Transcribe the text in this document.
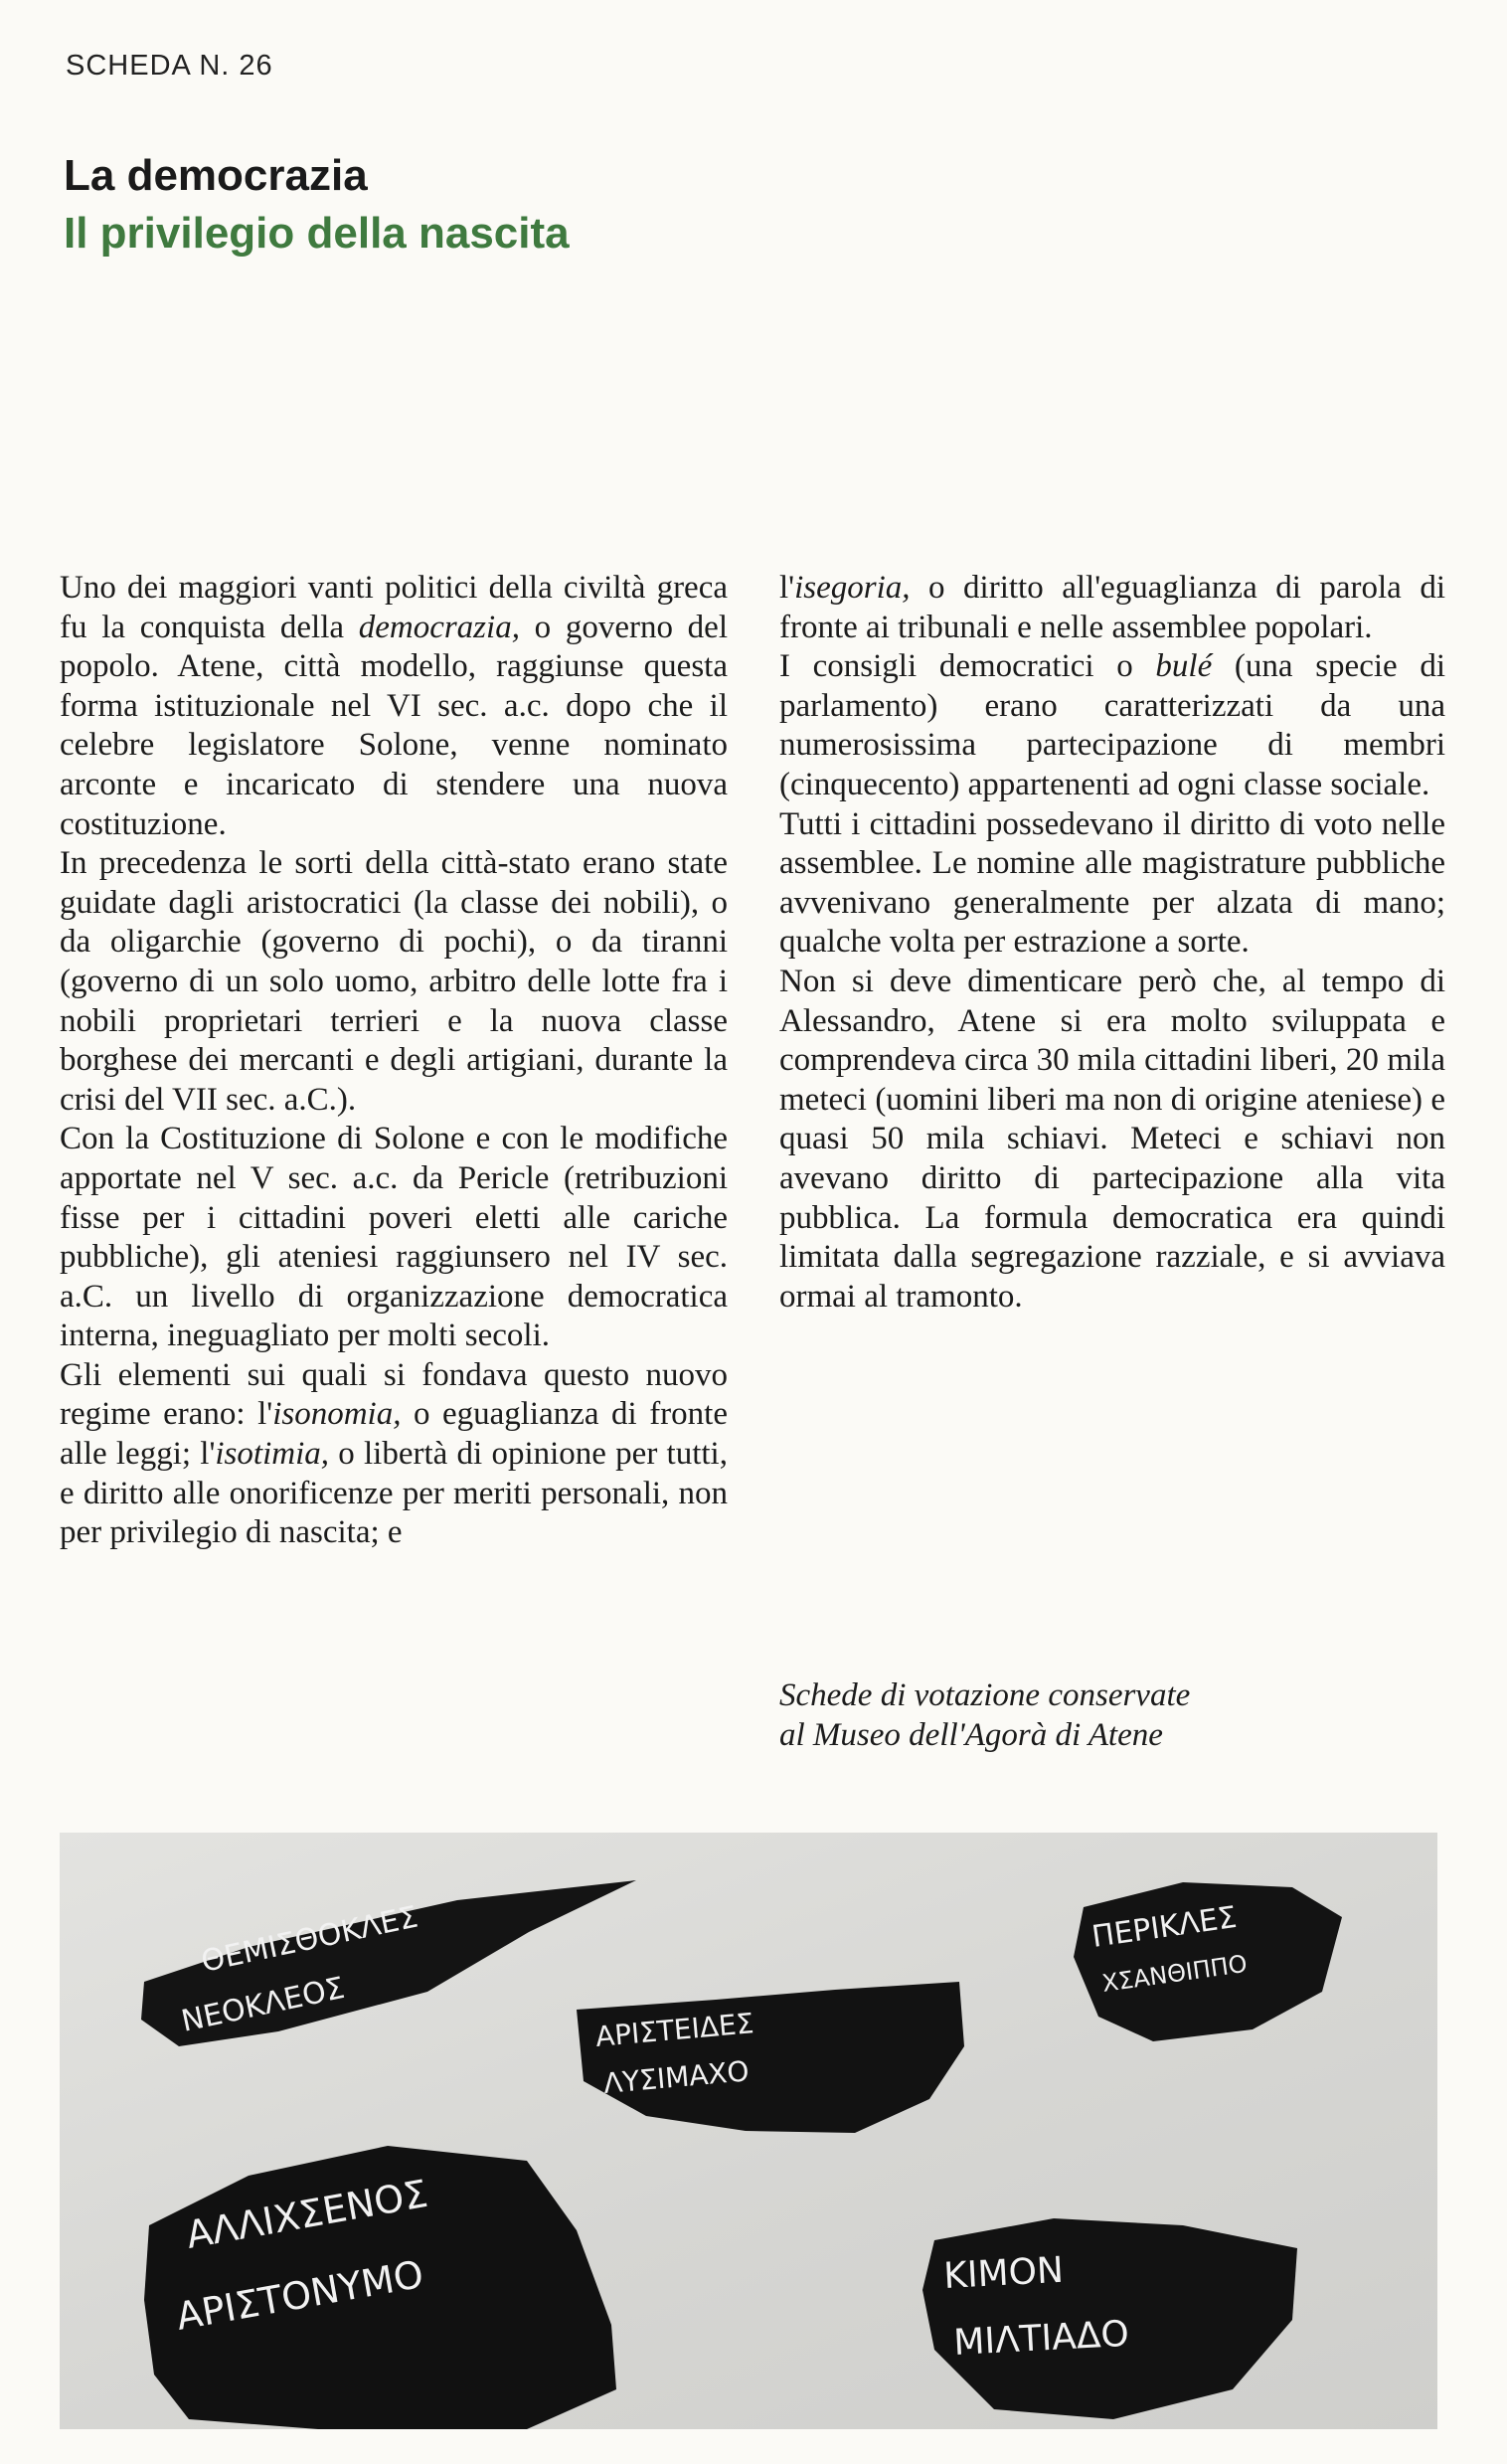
SCHEDA N. 26
La democrazia
Il privilegio della nascita

Uno dei maggiori vanti politici della civiltà greca fu la conquista della democrazia, o governo del popolo. Atene, città modello, raggiunse questa forma istituzionale nel VI sec. a.c. dopo che il celebre legislatore Solone, venne nominato arconte e incaricato di stendere una nuova costituzione.

In precedenza le sorti della città-stato erano state guidate dagli aristocratici (la classe dei nobili), o da oligarchie (governo di pochi), o da tiranni (governo di un solo uomo, arbitro delle lotte fra i nobili proprietari terrieri e la nuova classe borghese dei mercanti e degli artigiani, durante la crisi del VII sec. a.C.).

Con la Costituzione di Solone e con le modifiche apportate nel V sec. a.c. da Pericle (retribuzioni fisse per i cittadini poveri eletti alle cariche pubbliche), gli ateniesi raggiunsero nel IV sec. a.C. un livello di organizzazione democratica interna, ineguagliato per molti secoli.

Gli elementi sui quali si fondava questo nuovo regime erano: l'isonomia, o eguaglianza di fronte alle leggi; l'isotimia, o libertà di opinione per tutti, e diritto alle onorificenze per meriti personali, non per privilegio di nascita; e

l'isegoria, o diritto all'eguaglianza di parola di fronte ai tribunali e nelle assemblee popolari.

I consigli democratici o bulé (una specie di parlamento) erano caratterizzati da una numerosissima partecipazione di membri (cinquecento) appartenenti ad ogni classe sociale.

Tutti i cittadini possedevano il diritto di voto nelle assemblee. Le nomine alle magistrature pubbliche avvenivano generalmente per alzata di mano; qualche volta per estrazione a sorte.

Non si deve dimenticare però che, al tempo di Alessandro, Atene si era molto sviluppata e comprendeva circa 30 mila cittadini liberi, 20 mila meteci (uomini liberi ma non di origine ateniese) e quasi 50 mila schiavi. Meteci e schiavi non avevano diritto di partecipazione alla vita pubblica. La formula democratica era quindi limitata dalla segregazione razziale, e si avviava ormai al tramonto.

Schede di votazione conservate
al Museo dell'Agorà di Atene
ΘΕΜΙΣΘΟΚΛΕΣ
ΝΕΟΚΛΕΟΣ	ΑΡΙΣΤΕΙΔΕΣ
ΛΥΣΙΜΑΧΟ
ΠΕΡΙΚΛΕΣ
ΧΣΑΝΘΙΠΠΟ
ΑΛΛΙΧΣΕΝΟΣ
ΑΡΙΣΤΟΝΥΜΟ	ΚΙΜΟΝ
ΜΙΛΤΙΑΔΟ
